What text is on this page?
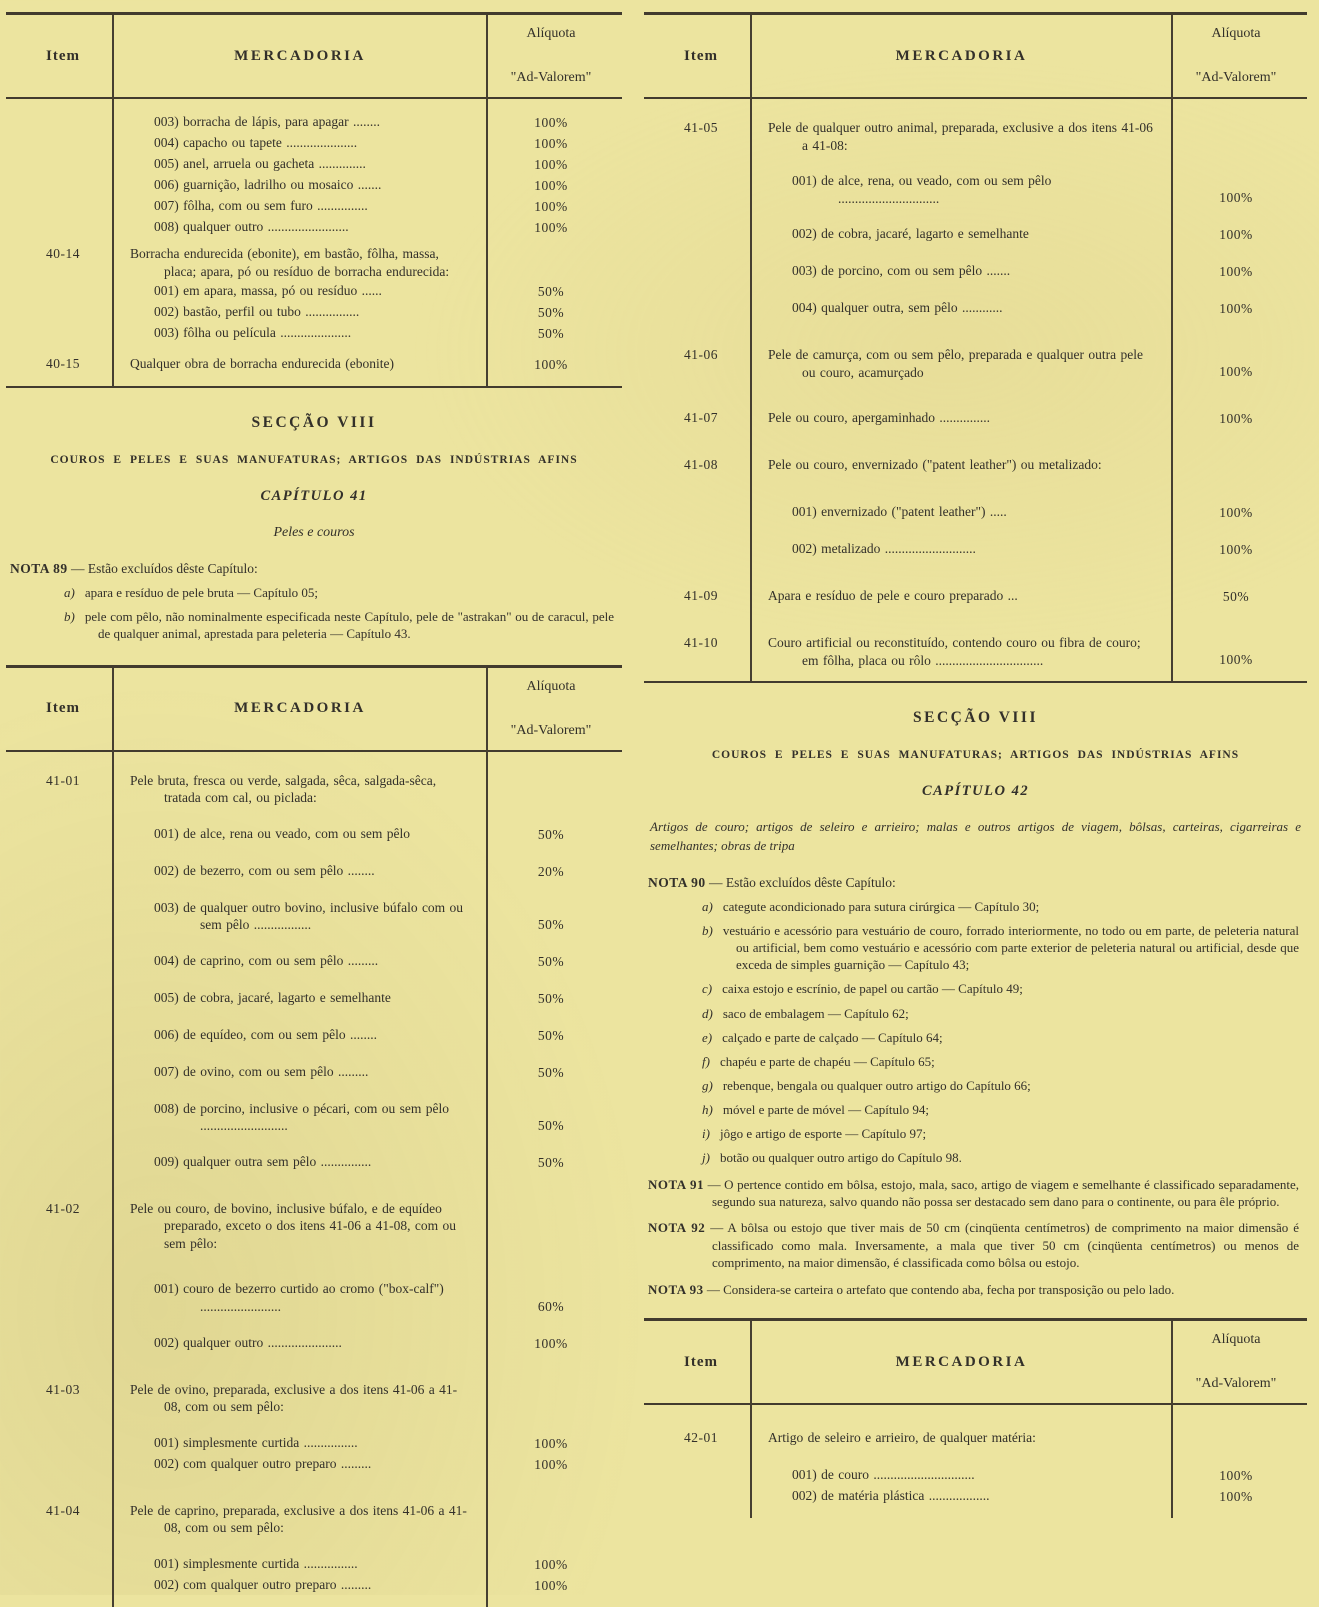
Item	MERCADORIA
Alíquota
"Ad-Valorem"
003) borracha de lápis, para apagar ........	100%
004) capacho ou tapete .....................	100%
005) anel, arruela ou gacheta ..............	100%
006) guarnição, ladrilho ou mosaico .......	100%
007) fôlha, com ou sem furo ...............	100%
008) qualquer outro ........................	100%
40-14	Borracha endurecida (ebonite), em bastão, fôlha, massa, placa; apara, pó ou resíduo de borracha endurecida:
001) em apara, massa, pó ou resíduo ......	50%
002) bastão, perfil ou tubo ................	50%
003) fôlha ou película .....................	50%
40-15	Qualquer obra de borracha endurecida (ebonite)	100%

SECÇÃO VIII

COUROS E PELES E SUAS MANUFATURAS; ARTIGOS DAS INDÚSTRIAS AFINS

CAPÍTULO 41

Peles e couros

NOTA 89 — Estão excluídos dêste Capítulo:

a) apara e resíduo de pele bruta — Capítulo 05;

b) pele com pêlo, não nominalmente especificada neste Capítulo, pele de "astrakan" ou de caracul, pele de qualquer animal, aprestada para peleteria — Capítulo 43.

Item	MERCADORIA
Alíquota
"Ad-Valorem"
41-01	Pele bruta, fresca ou verde, salgada, sêca, salgada-sêca, tratada com cal, ou piclada:
001) de alce, rena ou veado, com ou sem pêlo	50%
002) de bezerro, com ou sem pêlo ........	20%
003) de qualquer outro bovino, inclusive búfalo com ou sem pêlo .................	50%
004) de caprino, com ou sem pêlo .........	50%
005) de cobra, jacaré, lagarto e semelhante	50%
006) de equídeo, com ou sem pêlo ........	50%
007) de ovino, com ou sem pêlo .........	50%
008) de porcino, inclusive o pécari, com ou sem pêlo ..........................	50%
009) qualquer outra sem pêlo ...............	50%
41-02	Pele ou couro, de bovino, inclusive búfalo, e de equídeo preparado, exceto o dos itens 41-06 a 41-08, com ou sem pêlo:
001) couro de bezerro curtido ao cromo ("box-calf") ........................	60%
002) qualquer outro ......................	100%
41-03	Pele de ovino, preparada, exclusive a dos itens 41-06 a 41-08, com ou sem pêlo:
001) simplesmente curtida ................	100%
002) com qualquer outro preparo .........	100%
41-04	Pele de caprino, preparada, exclusive a dos itens 41-06 a 41-08, com ou sem pêlo:
001) simplesmente curtida ................	100%
002) com qualquer outro preparo .........	100%
Item	MERCADORIA
Alíquota
"Ad-Valorem"
41-05	Pele de qualquer outro animal, preparada, exclusive a dos itens 41-06 a 41-08:
001) de alce, rena, ou veado, com ou sem pêlo ..............................	100%
002) de cobra, jacaré, lagarto e semelhante	100%
003) de porcino, com ou sem pêlo .......	100%
004) qualquer outra, sem pêlo ............	100%
41-06	Pele de camurça, com ou sem pêlo, preparada e qualquer outra pele ou couro, acamurçado	100%
41-07	Pele ou couro, apergaminhado ...............	100%
41-08	Pele ou couro, envernizado ("patent leather") ou metalizado:
001) envernizado ("patent leather") .....	100%
002) metalizado ...........................	100%
41-09	Apara e resíduo de pele e couro preparado ...	50%
41-10	Couro artificial ou reconstituído, contendo couro ou fibra de couro; em fôlha, placa ou rôlo ................................	100%

SECÇÃO VIII

COUROS E PELES E SUAS MANUFATURAS; ARTIGOS DAS INDÚSTRIAS AFINS

CAPÍTULO 42

Artigos de couro; artigos de seleiro e arrieiro; malas e outros artigos de viagem, bôlsas, carteiras, cigarreiras e semelhantes; obras de tripa

NOTA 90 — Estão excluídos dêste Capítulo:

a) categute acondicionado para sutura cirúrgica — Capítulo 30;

b) vestuário e acessório para vestuário de couro, forrado interiormente, no todo ou em parte, de peleteria natural ou artificial, bem como vestuário e acessório com parte exterior de peleteria natural ou artificial, desde que exceda de simples guarnição — Capítulo 43;

c) caixa estojo e escrínio, de papel ou cartão — Capítulo 49;

d) saco de embalagem — Capítulo 62;

e) calçado e parte de calçado — Capítulo 64;

f) chapéu e parte de chapéu — Capítulo 65;

g) rebenque, bengala ou qualquer outro artigo do Capítulo 66;

h) móvel e parte de móvel — Capítulo 94;

i) jôgo e artigo de esporte — Capítulo 97;

j) botão ou qualquer outro artigo do Capítulo 98.

NOTA 91 — O pertence contido em bôlsa, estojo, mala, saco, artigo de viagem e semelhante é classificado separadamente, segundo sua natureza, salvo quando não possa ser destacado sem dano para o continente, ou para êle próprio.

NOTA 92 — A bôlsa ou estojo que tiver mais de 50 cm (cinqüenta centímetros) de comprimento na maior dimensão é classificado como mala. Inversamente, a mala que tiver 50 cm (cinqüenta centímetros) ou menos de comprimento, na maior dimensão, é classificada como bôlsa ou estojo.

NOTA 93 — Considera-se carteira o artefato que contendo aba, fecha por transposição ou pelo lado.

Item	MERCADORIA
Alíquota
"Ad-Valorem"
42-01	Artigo de seleiro e arrieiro, de qualquer matéria:
001) de couro ..............................	100%
002) de matéria plástica ..................	100%
